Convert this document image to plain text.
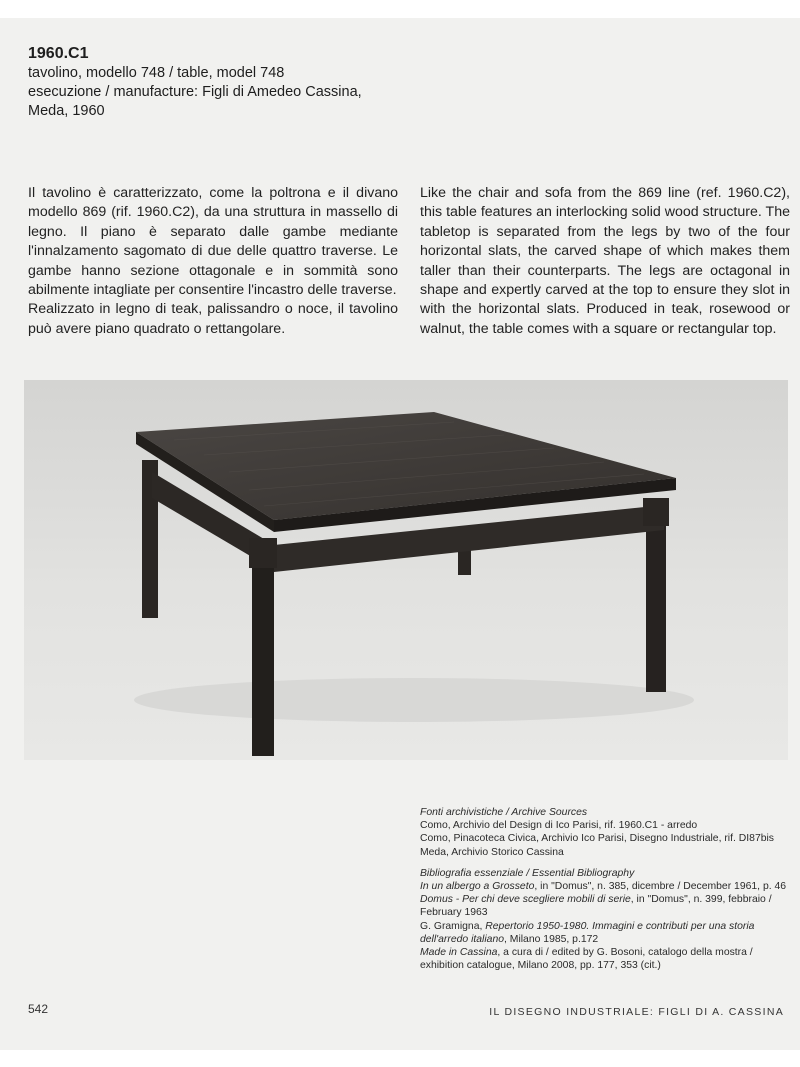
1960.C1
tavolino, modello 748 / table, model 748
esecuzione / manufacture: Figli di Amedeo Cassina,
Meda, 1960

Il tavolino è caratterizzato, come la poltrona e il divano modello 869 (rif. 1960.C2), da una struttura in massello di legno. Il piano è separato dalle gambe mediante l'innalzamento sagomato di due delle quattro traverse. Le gambe hanno sezione ottagonale e in sommità sono abilmente intagliate per consentire l'incastro delle traverse.

Realizzato in legno di teak, palissandro o noce, il tavolino può avere piano quadrato o rettangolare.

Like the chair and sofa from the 869 line (ref. 1960.C2), this table features an interlocking solid wood structure. The tabletop is separated from the legs by two of the four horizontal slats, the carved shape of which makes them taller than their counterparts. The legs are octagonal in shape and expertly carved at the top to ensure they slot in with the horizontal slats. Produced in teak, rosewood or walnut, the table comes with a square or rectangular top.

Fonti archivistiche / Archive Sources
Como, Archivio del Design di Ico Parisi, rif. 1960.C1 - arredo
Como, Pinacoteca Civica, Archivio Ico Parisi, Disegno Industriale, rif. DI87bis
Meda, Archivio Storico Cassina
Bibliografia essenziale / Essential Bibliography
In un albergo a Grosseto, in "Domus", n. 385, dicembre / December 1961, p. 46
Domus - Per chi deve scegliere mobili di serie, in "Domus", n. 399, febbraio / February 1963
G. Gramigna, Repertorio 1950-1980. Immagini e contributi per una storia dell'arredo italiano, Milano 1985, p.172
Made in Cassina, a cura di / edited by G. Bosoni, catalogo della mostra / exhibition catalogue, Milano 2008, pp. 177, 353 (cit.)
542	IL DISEGNO INDUSTRIALE: FIGLI DI A. CASSINA
